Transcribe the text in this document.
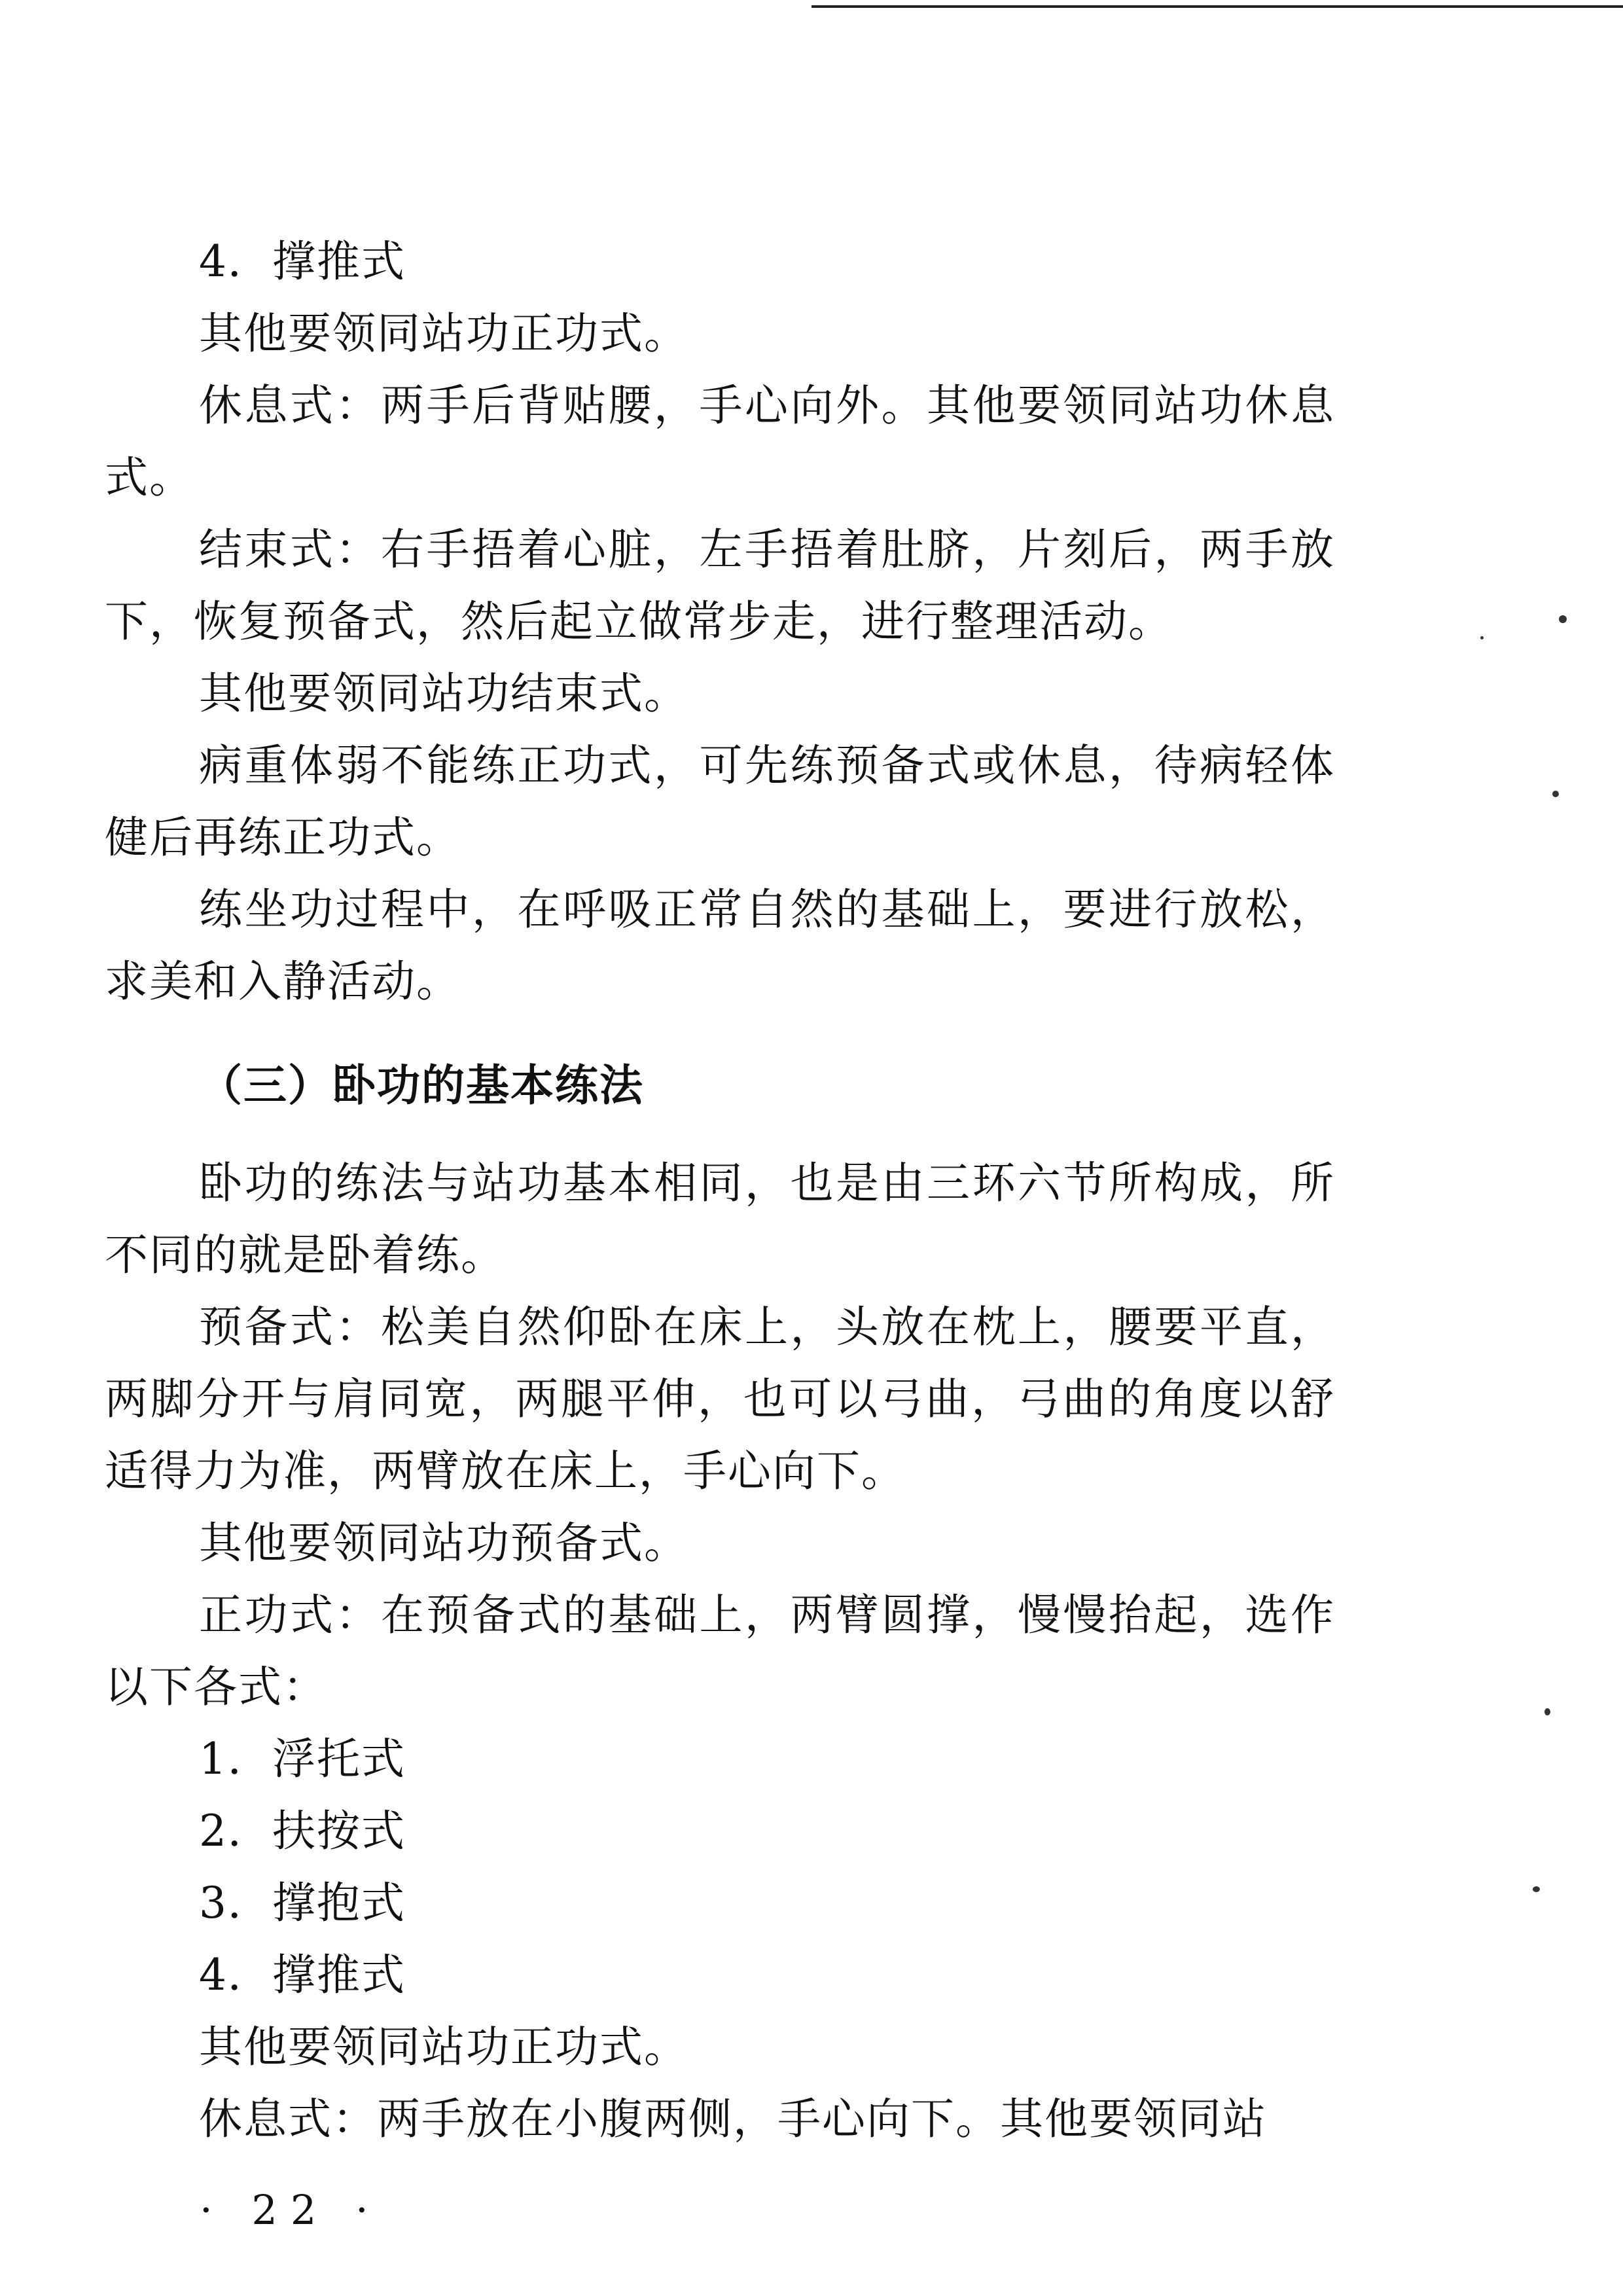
4．撑推式

其他要领同站功正功式。

休息式：两手后背贴腰，手心向外。其他要领同站功休息式。

结束式：右手捂着心脏，左手捂着肚脐，片刻后，两手放下，恢复预备式，然后起立做常步走，进行整理活动。

其他要领同站功结束式。

病重体弱不能练正功式，可先练预备式或休息，待病轻体健后再练正功式。

练坐功过程中，在呼吸正常自然的基础上，要进行放松，求美和入静活动。

（三）卧功的基本练法

卧功的练法与站功基本相同，也是由三环六节所构成，所不同的就是卧着练。

预备式：松美自然仰卧在床上，头放在枕上，腰要平直，两脚分开与肩同宽，两腿平伸，也可以弓曲，弓曲的角度以舒适得力为准，两臂放在床上，手心向下。

其他要领同站功预备式。

正功式：在预备式的基础上，两臂圆撑，慢慢抬起，选作以下各式：

1．浮托式

2．扶按式

3．撑抱式

4．撑推式

其他要领同站功正功式。

休息式：两手放在小腹两侧，手心向下。其他要领同站

· 22 ·
